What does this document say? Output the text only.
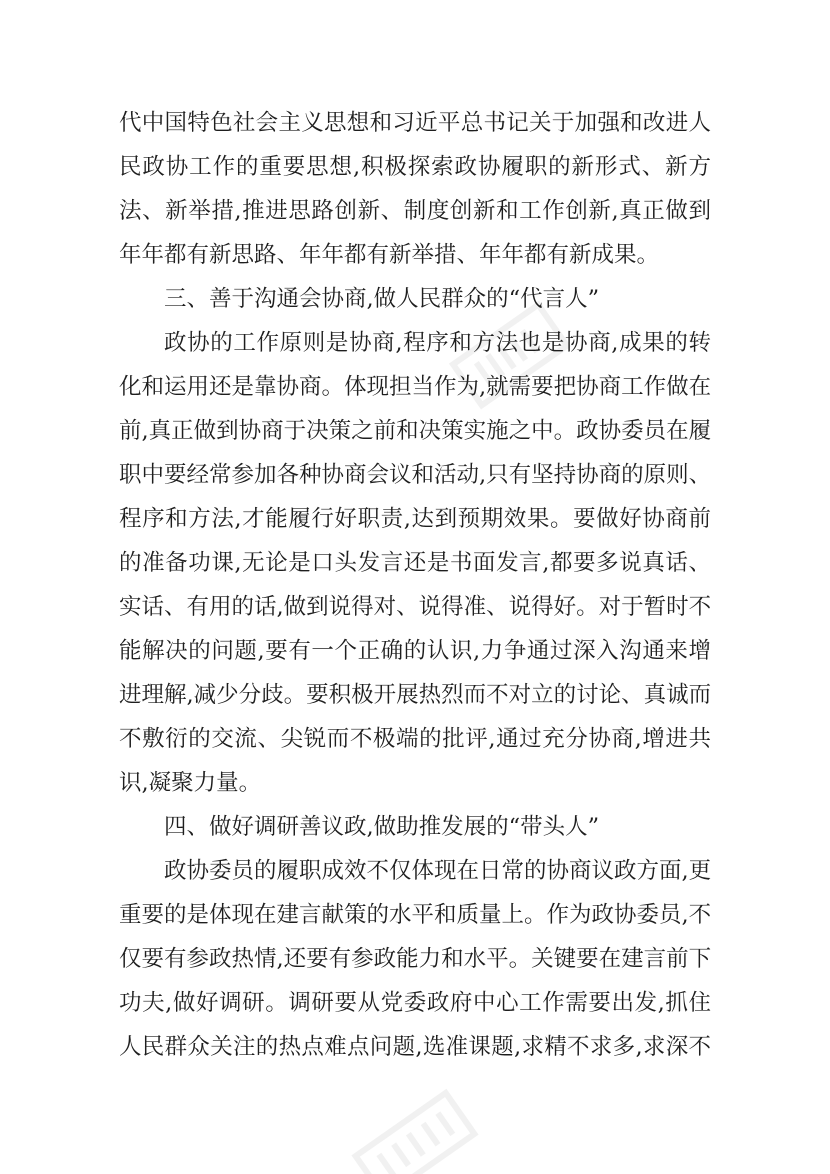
代中国特色社会主义思想和习近平总书记关于加强和改进人
民政协工作的重要思想,积极探索政协履职的新形式、新方
法、新举措,推进思路创新、制度创新和工作创新,真正做到
年年都有新思路、年年都有新举措、年年都有新成果。
三、善于沟通会协商,做人民群众的“代言人”
政协的工作原则是协商,程序和方法也是协商,成果的转
化和运用还是靠协商。体现担当作为,就需要把协商工作做在
前,真正做到协商于决策之前和决策实施之中。政协委员在履
职中要经常参加各种协商会议和活动,只有坚持协商的原则、
程序和方法,才能履行好职责,达到预期效果。要做好协商前
的准备功课,无论是口头发言还是书面发言,都要多说真话、
实话、有用的话,做到说得对、说得准、说得好。对于暂时不
能解决的问题,要有一个正确的认识,力争通过深入沟通来增
进理解,减少分歧。要积极开展热烈而不对立的讨论、真诚而
不敷衍的交流、尖锐而不极端的批评,通过充分协商,增进共
识,凝聚力量。
四、做好调研善议政,做助推发展的“带头人”
政协委员的履职成效不仅体现在日常的协商议政方面,更
重要的是体现在建言献策的水平和质量上。作为政协委员,不
仅要有参政热情,还要有参政能力和水平。关键要在建言前下
功夫,做好调研。调研要从党委政府中心工作需要出发,抓住
人民群众关注的热点难点问题,选准课题,求精不求多,求深不
